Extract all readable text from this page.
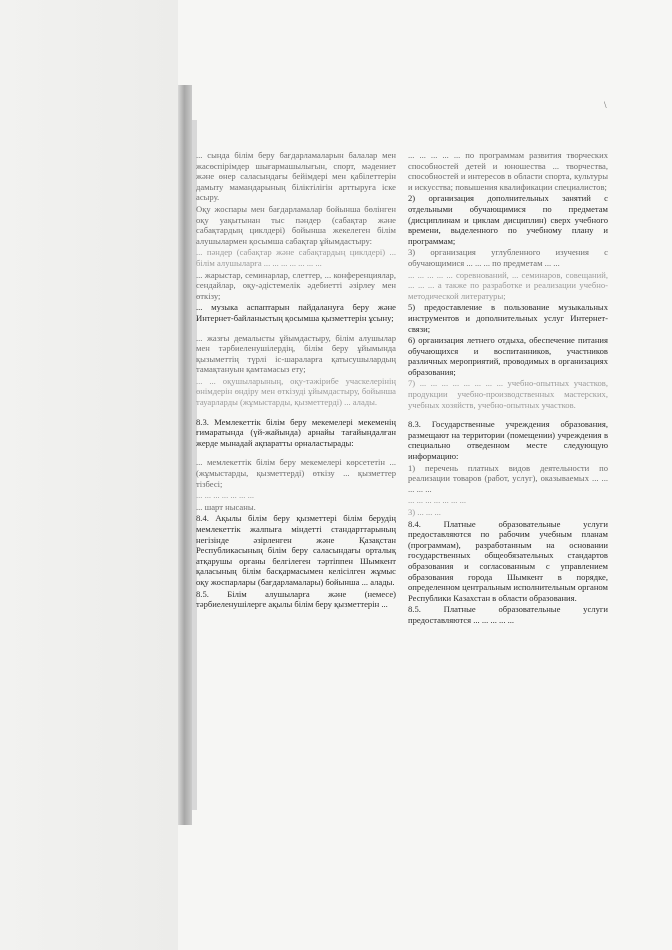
\

... сында білім беру бағдарламаларын балалар мен жасөспірімдер шығармашылығын, спорт, мәдениет және өнер саласындағы бейімдері мен қабілеттерін дамыту мамандарының біліктілігін арттыруға іске асыру.

Оқу жоспары мен бағдарламалар бойынша бөлінген оқу уақытынан тыс пәндер (сабақтар және сабақтардың циклдері) бойынша жекелеген білім алушылармен қосымша сабақтар ұйымдастыру:

... пәндер (сабақтар және сабақтардың циклдері) ... білім алушыларға ... ... ... ... ... ... ...

... жарыстар, семинарлар, слеттер, ... конференциялар, сендайлар, оқу-әдістемелік әдебиетті әзірлеу мен өткізу;

... музыка аспаптарын пайдалануға беру және Интернет-байланыстың қосымша қызметтерін ұсыну;

... жазғы демалысты ұйымдастыру, білім алушылар мен тәрбиеленушілердің, білім беру ұйымында қызыметтің түрлі іс-шараларға қатысушылардың тамақтануын қамтамасыз ету;

... ... оқушыларының, оқу-тәжірибе учаскелерінің өнімдерін өндіру мен өткізуді ұйымдастыру, бойынша тауарларды (жұмыстарды, қызметтерді) ... алады.

8.3. Мемлекеттік білім беру мекемелері мекеменің ғимаратында (үй-жайында) арнайы тағайындалған жерде мынадай ақпаратты орналастырады:

... мемлекеттік білім беру мекемелері көрсететін ... (жұмыстарды, қызметтерді) өткізу ... қызметтер тізбесі;

... ... ... ... ... ... ...

... шарт нысаны.

8.4. Ақылы білім беру қызметтері білім берудің мемлекеттік жалпыға міндетті стандарттарының негізінде әзірленген және Қазақстан Республикасының білім беру саласындағы орталық атқарушы органы белгілеген тәртіппен Шымкент қаласының білім басқармасымен келісілген жұмыс оқу жоспарлары (бағдарламалары) бойынша ... алады.

8.5. Білім алушыларға және (немесе) тәрбиеленушілерге ақылы білім беру қызметтерін ...

... ... ... ... ... по программам развития творческих способностей детей и юношества ... творчества, способностей и интересов в области спорта, культуры и искусства; повышения квалификации специалистов;

2) организация дополнительных занятий с отдельными обучающимися по предметам (дисциплинам и циклам дисциплин) сверх учебного времени, выделенного по учебному плану и программам;

3) организация углубленного изучения с обучающимися ... ... ... по предметам ... ...

... ... ... ... ... соревнований, ... семинаров, совещаний, ... ... ... а также по разработке и реализации учебно-методической литературы;

5) предоставление в пользование музыкальных инструментов и дополнительных услуг Интернет-связи;

6) организация летнего отдыха, обеспечение питания обучающихся и воспитанников, участников различных мероприятий, проводимых в организациях образования;

7) ... ... ... ... ... ... ... ... учебно-опытных участков, продукции учебно-производственных мастерских, учебных хозяйств, учебно-опытных участков.

8.3. Государственные учреждения образования, размещают на территории (помещении) учреждения в специально отведенном месте следующую информацию:

1) перечень платных видов деятельности по реализации товаров (работ, услуг), оказываемых ... ... ... ... ...

... ... ... ... ... ... ...

3) ... ... ...

8.4. Платные образовательные услуги предоставляются по рабочим учебным планам (программам), разработанным на основании государственных общеобязательных стандартов образования и согласованным с управлением образования города Шымкент в порядке, определенном центральным исполнительным органом Республики Казахстан в области образования.

8.5. Платные образовательные услуги предоставляются ... ... ... ... ...
